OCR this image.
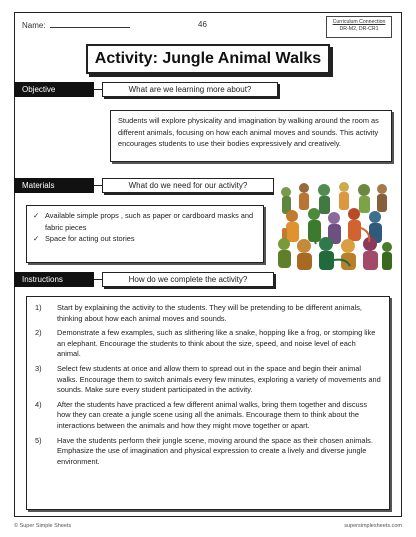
Name:	46	Curriculum Connection
DR-M2, DR-CR1
Activity: Jungle Animal Walks
Objective	What are we learning more about?

Students will explore physicality and imagination by walking around the room as different animals, focusing on how each animal moves and sounds. This activity encourages students to use their bodies expressively and creatively.

Materials	What do we need for our activity?
✓ Available simple props , such as paper or cardboard masks and fabric pieces
✓ Space for acting out stories
Instructions	How do we complete the activity?
1)	Start by explaining the activity to the students. They will be pretending to be different animals, thinking about how each animal moves and sounds.
2)	Demonstrate a few examples, such as slithering like a snake, hopping like a frog, or stomping like an elephant. Encourage the students to think about the size, speed, and noise level of each animal.
3)	Select few students at once and allow them to spread out in the space and begin their animal walks. Encourage them to switch animals every few minutes, exploring a variety of movements and sounds. Make sure every student participated in the activity.
4)	After the students have practiced a few different animal walks, bring them together and discuss how they can create a jungle scene using all the animals. Encourage them to think about the interactions between the animals and how they might move together or apart.
5)	Have the students perform their jungle scene, moving around the space as their chosen animals. Emphasize the use of imagination and physical expression to create a lively and diverse jungle environment.
© Super Simple Sheets	supersimplesheets.com
